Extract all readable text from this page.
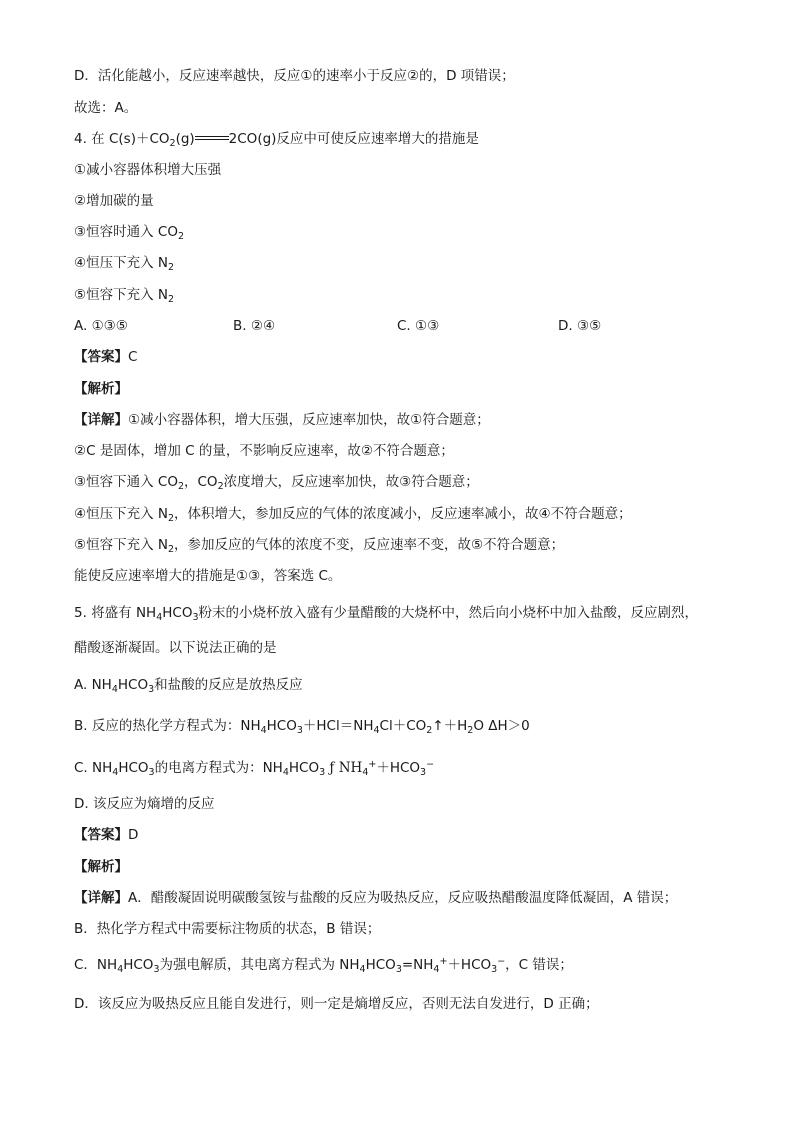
D．活化能越小，反应速率越快，反应①的速率小于反应②的，D 项错误；
故选：A。
4. 在 $C(s)+CO_2(g)$	2CO(g)反应中可使反应速率增大的措施是
①减小容器体积增大压强
②增加碳的量
③恒容时通入 $CO_2$
④恒压下充入 $N_2$
⑤恒容下充入 $N_2$
A. ①③⑤	B. ②④	C. ①③	D. ③⑤
【答案】C
【解析】
【详解】①减小容器体积，增大压强，反应速率加快，故①符合题意；
②C 是固体，增加 C 的量，不影响反应速率，故②不符合题意；
③恒容下通入 $CO_2$，$CO_2$浓度增大，反应速率加快，故③符合题意；
④恒压下充入 $N_2$，体积增大，参加反应的气体的浓度减小，反应速率减小，故④不符合题意；
⑤恒容下充入 $N_2$，参加反应的气体的浓度不变，反应速率不变，故⑤不符合题意；
能使反应速率增大的措施是①③，答案选 C。
5. 将盛有 $NH_4HCO_3$粉末的小烧杯放入盛有少量醋酸的大烧杯中，然后向小烧杯中加入盐酸，反应剧烈，
醋酸逐渐凝固。以下说法正确的是
A. $NH_4HCO_3$和盐酸的反应是放热反应
B. 反应的热化学方程式为：$NH_4HCO_3+HCl=NH_4Cl+CO_2↑+H_2O$ ΔH＞0
C. $NH_4HCO_3$的电离方程式为：$NH_4HCO_3$ ƒ $NH_4^++HCO_3^-$
D. 该反应为熵增的反应
【答案】D
【解析】
【详解】A．醋酸凝固说明碳酸氢铵与盐酸的反应为吸热反应，反应吸热醋酸温度降低凝固，A 错误；
B．热化学方程式中需要标注物质的状态，B 错误；
C．$NH_4HCO_3$为强电解质，其电离方程式为 $NH_4HCO_3=NH_4^++HCO_3^-$，C 错误；
D．该反应为吸热反应且能自发进行，则一定是熵增反应，否则无法自发进行，D 正确；
